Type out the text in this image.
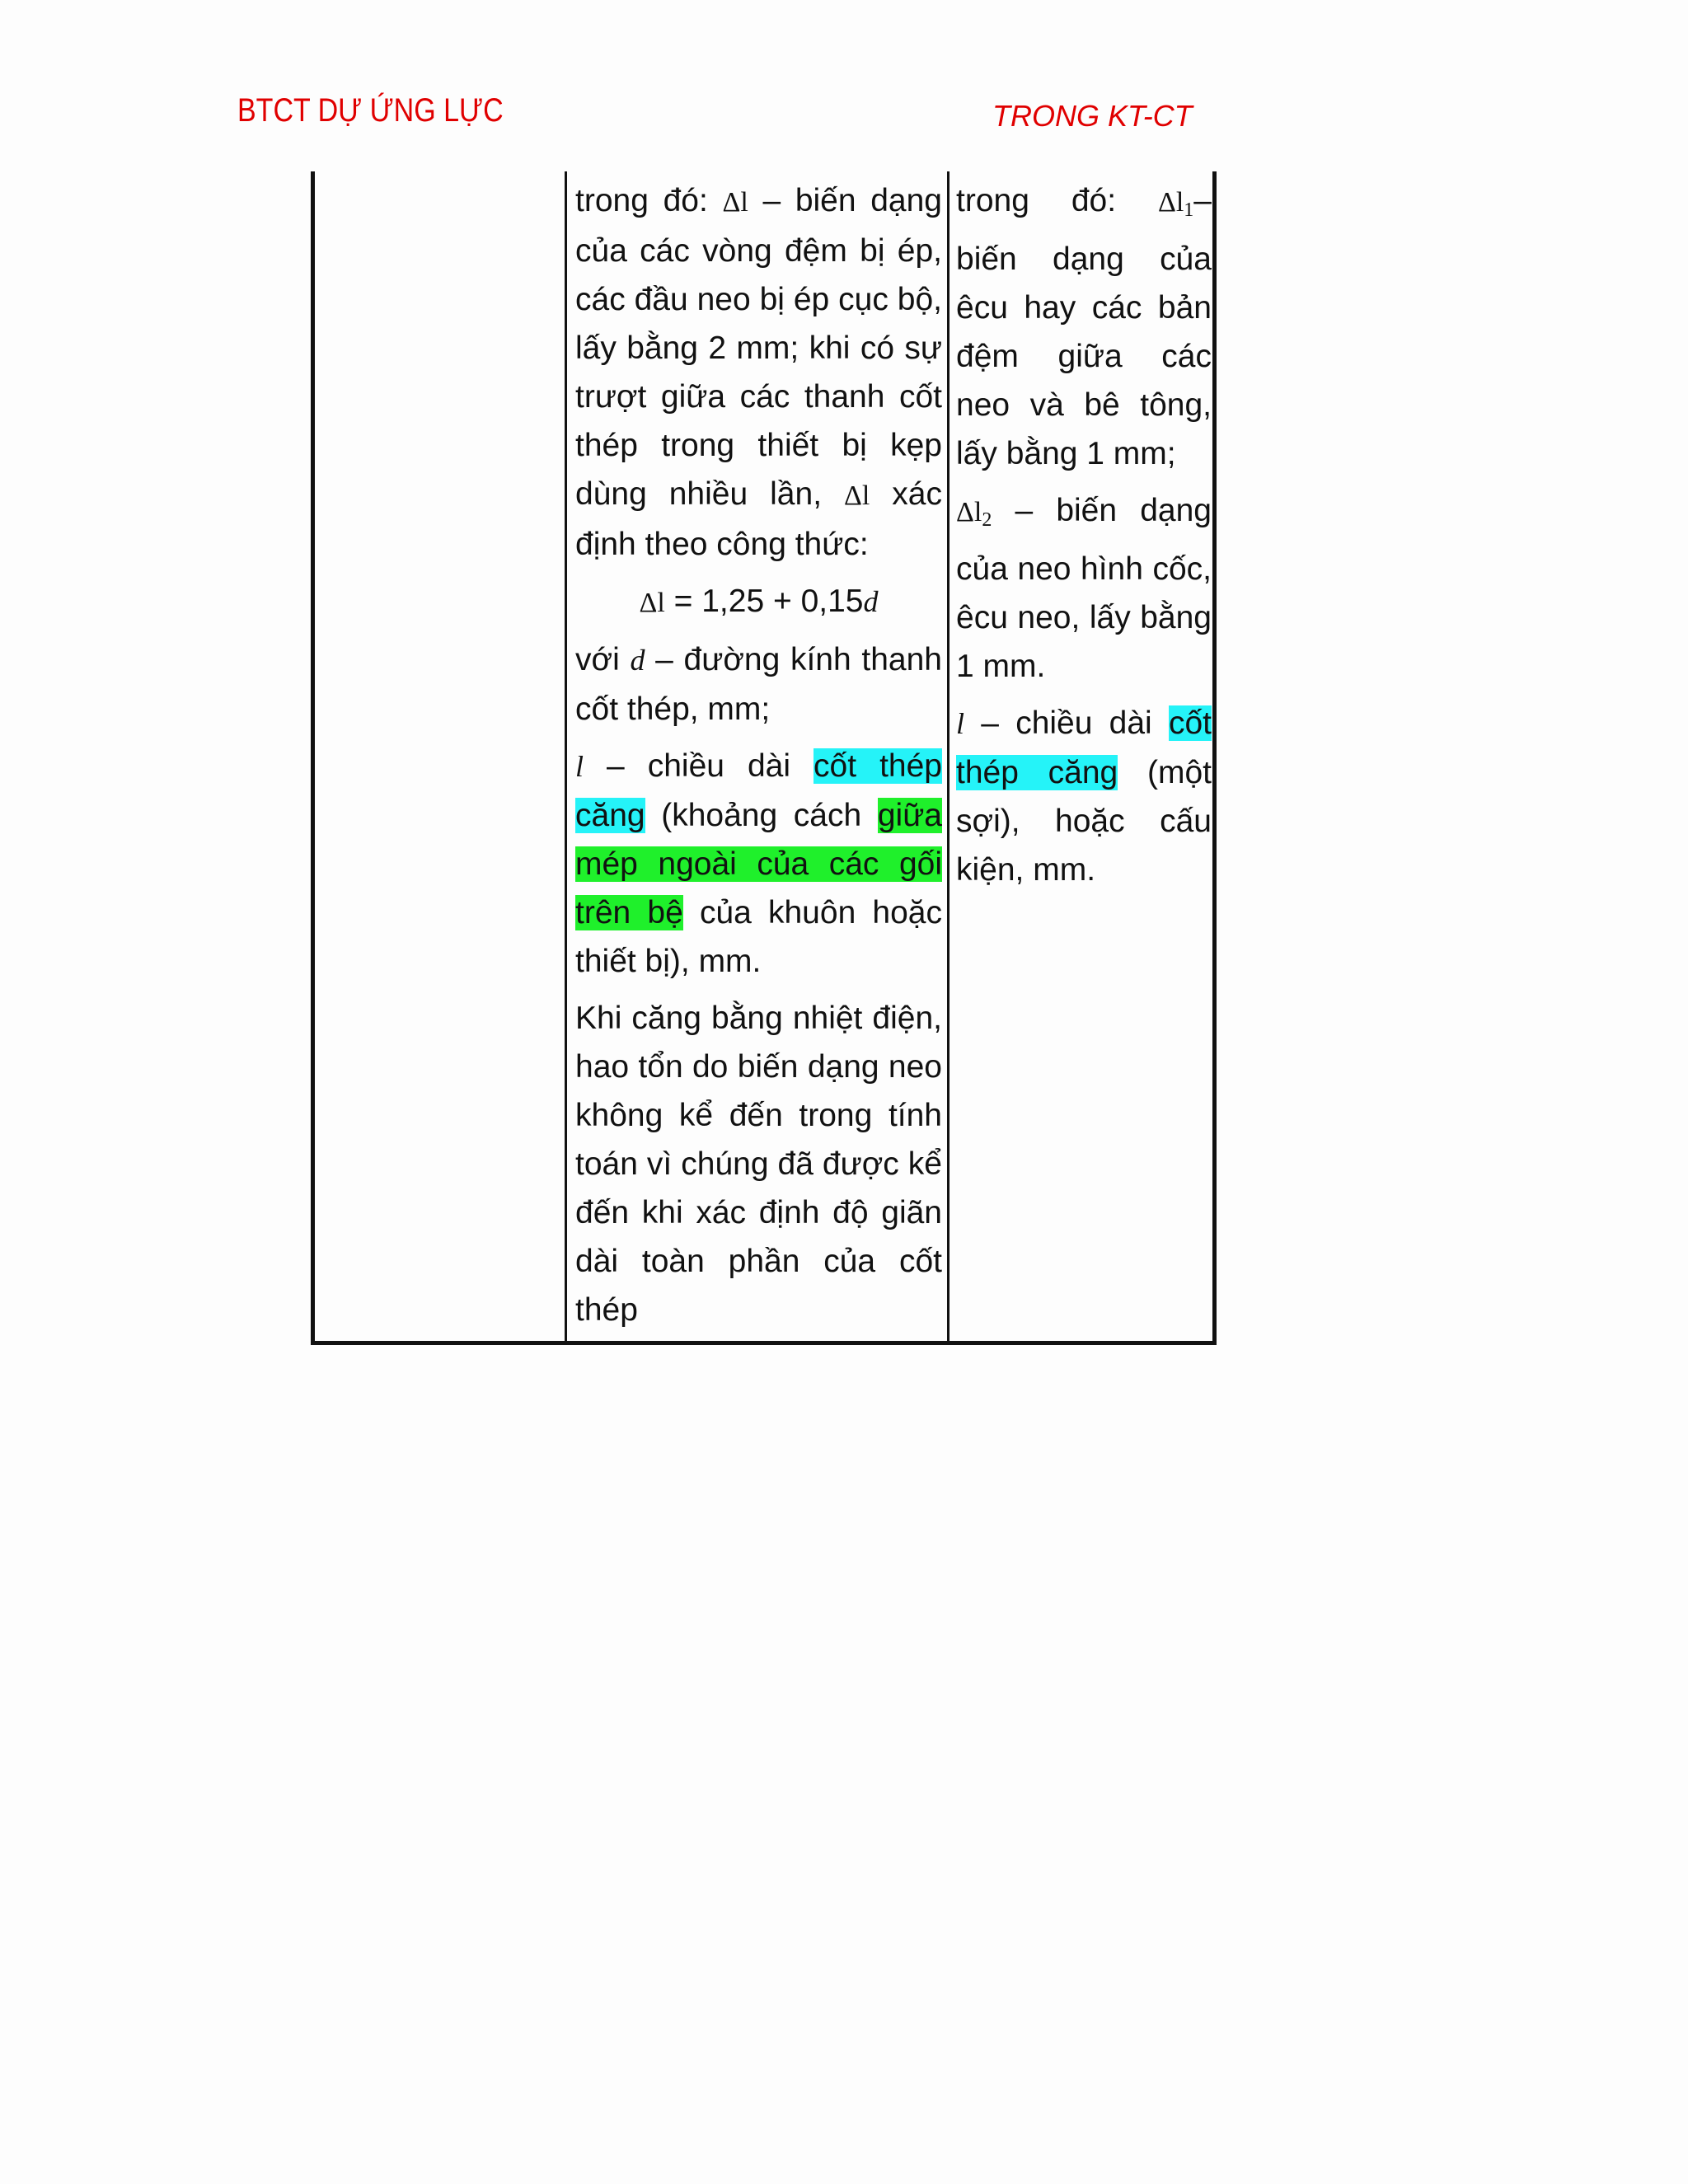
BTCT DỰ ỨNG LỰC	TRONG KT-CT

trong đó: Δl – biến dạng của các vòng đệm bị ép, các đầu neo bị ép cục bộ, lấy bằng 2 mm; khi có sự trượt giữa các thanh cốt thép trong thiết bị kẹp dùng nhiều lần, Δl xác định theo công thức:

Δl = 1,25 + 0,15d

với d – đường kính thanh cốt thép, mm;

l – chiều dài cốt thép căng (khoảng cách giữa mép ngoài của các gối trên bệ của khuôn hoặc thiết bị), mm.

Khi căng bằng nhiệt điện, hao tổn do biến dạng neo không kể đến trong tính toán vì chúng đã được kể đến khi xác định độ giãn dài toàn phần của cốt thép

trong đó: $\Delta l_1-$ biến dạng của êcu hay các bản đệm giữa các neo và bê tông, lấy bằng 1 mm;

$\Delta l_2$ – biến dạng của neo hình cốc, êcu neo, lấy bằng 1 mm.

l – chiều dài cốt thép căng (một sợi), hoặc cấu kiện, mm.
